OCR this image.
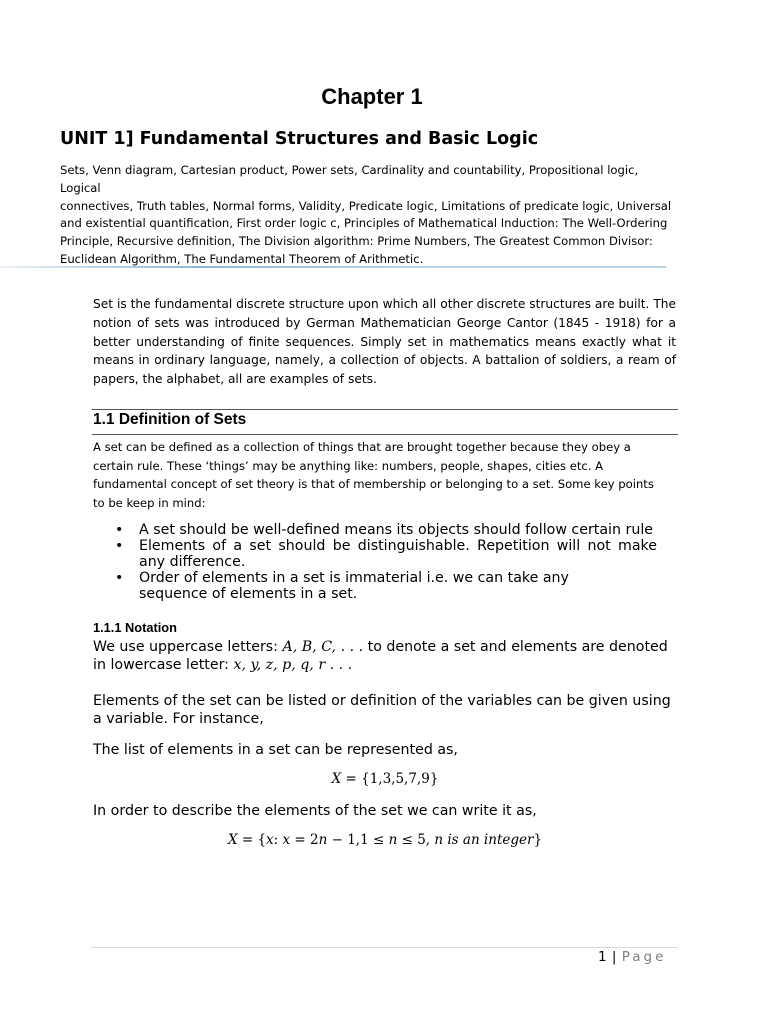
Chapter 1
UNIT 1] Fundamental Structures and Basic Logic
Sets, Venn diagram, Cartesian product, Power sets, Cardinality and countability, Propositional logic, Logical
connectives, Truth tables, Normal forms, Validity, Predicate logic, Limitations of predicate logic, Universal
and existential quantification, First order logic c, Principles of Mathematical Induction: The Well-Ordering
Principle, Recursive definition, The Division algorithm: Prime Numbers, The Greatest Common Divisor:
Euclidean Algorithm, The Fundamental Theorem of Arithmetic.
Set is the fundamental discrete structure upon which all other discrete structures are built. The notion of sets was introduced by German Mathematician George Cantor (1845 - 1918) for a better understanding of finite sequences. Simply set in mathematics means exactly what it means in ordinary language, namely, a collection of objects. A battalion of soldiers, a ream of papers, the alphabet, all are examples of sets.
1.1 Definition of Sets
A set can be defined as a collection of things that are brought together because they obey a
certain rule. These ‘things’ may be anything like: numbers, people, shapes, cities etc. A
fundamental concept of set theory is that of membership or belonging to a set. Some key points
to be keep in mind:
• A set should be well-defined means its objects should follow certain rule
• Elements of a set should be distinguishable. Repetition will not make any difference.
• Order of elements in a set is immaterial i.e. we can take any sequence of elements in a set.
1.1.1 Notation
We use uppercase letters: A, B, C, . . . to denote a set and elements are denoted in lowercase letter: x, y, z, p, q, r . . .
Elements of the set can be listed or definition of the variables can be given using a variable. For instance,
The list of elements in a set can be represented as,
X = {1,3,5,7,9}
In order to describe the elements of the set we can write it as,
X = {x: x = 2n − 1,1 ≤ n ≤ 5, n is an integer}
1 | Page
